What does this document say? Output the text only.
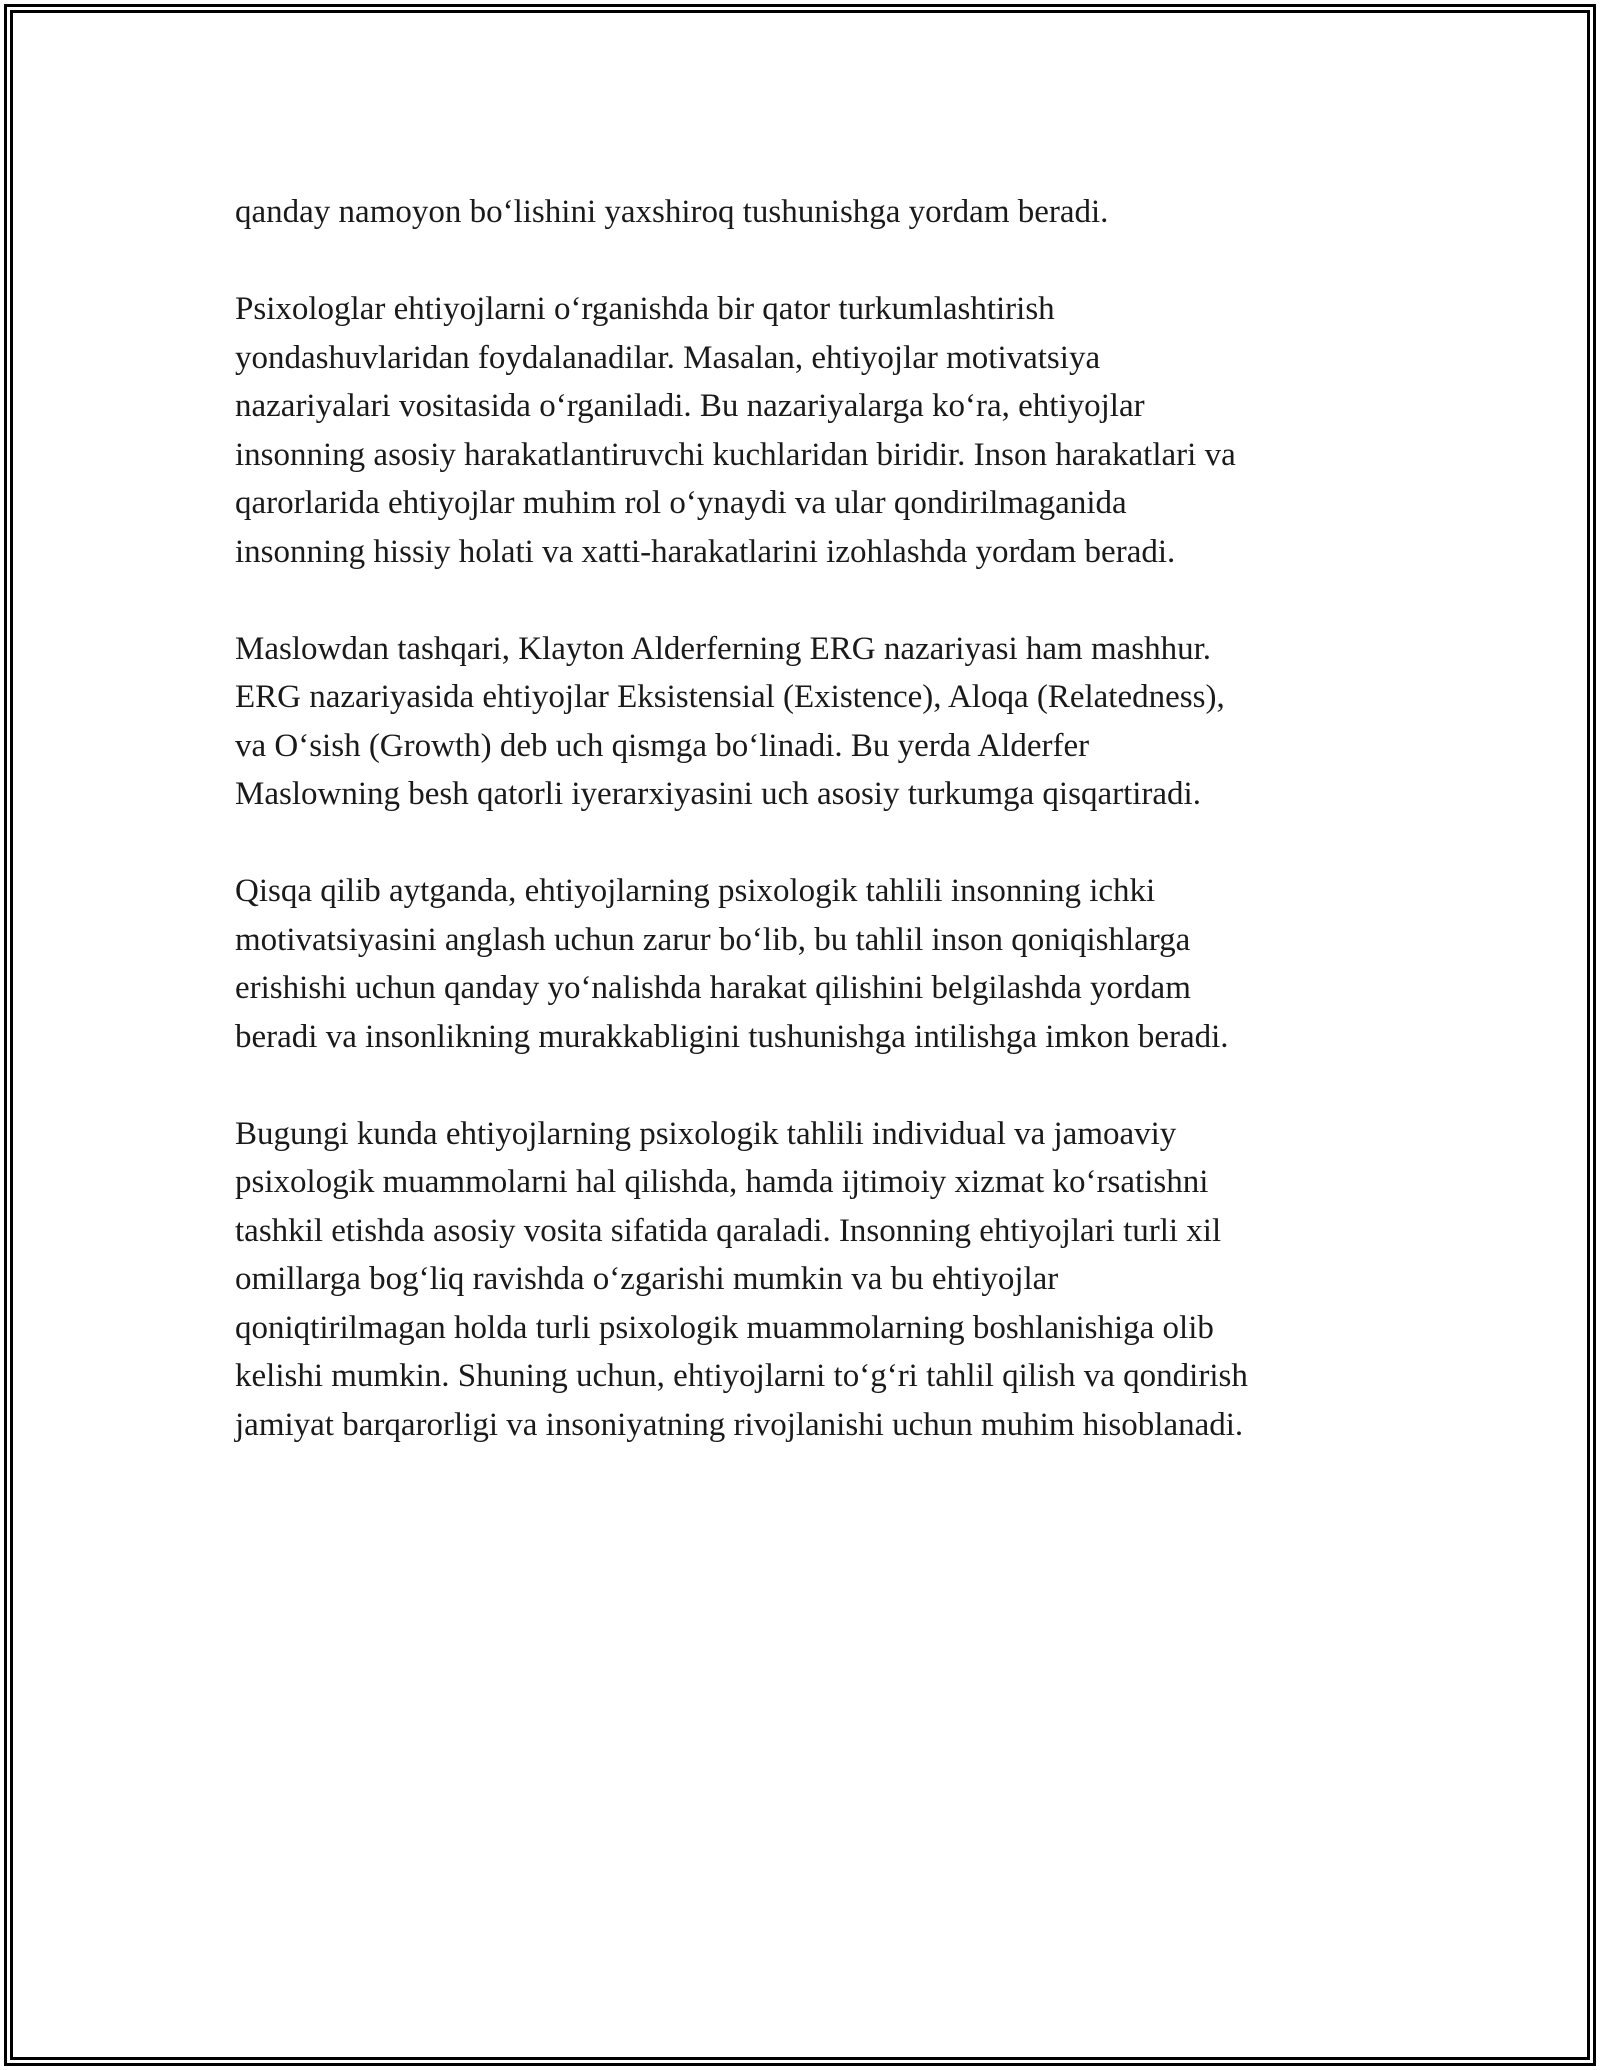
qanday namoyon bo‘lishini yaxshiroq tushunishga yordam beradi.

Psixologlar ehtiyojlarni o‘rganishda bir qator turkumlashtirish
yondashuvlaridan foydalanadilar. Masalan, ehtiyojlar motivatsiya
nazariyalari vositasida o‘rganiladi. Bu nazariyalarga ko‘ra, ehtiyojlar
insonning asosiy harakatlantiruvchi kuchlaridan biridir. Inson harakatlari va
qarorlarida ehtiyojlar muhim rol o‘ynaydi va ular qondirilmaganida
insonning hissiy holati va xatti-harakatlarini izohlashda yordam beradi.

Maslowdan tashqari, Klayton Alderferning ERG nazariyasi ham mashhur.
ERG nazariyasida ehtiyojlar Eksistensial (Existence), Aloqa (Relatedness),
va O‘sish (Growth) deb uch qismga bo‘linadi. Bu yerda Alderfer
Maslowning besh qatorli iyerarxiyasini uch asosiy turkumga qisqartiradi.

Qisqa qilib aytganda, ehtiyojlarning psixologik tahlili insonning ichki
motivatsiyasini anglash uchun zarur bo‘lib, bu tahlil inson qoniqishlarga
erishishi uchun qanday yo‘nalishda harakat qilishini belgilashda yordam
beradi va insonlikning murakkabligini tushunishga intilishga imkon beradi.

Bugungi kunda ehtiyojlarning psixologik tahlili individual va jamoaviy
psixologik muammolarni hal qilishda, hamda ijtimoiy xizmat ko‘rsatishni
tashkil etishda asosiy vosita sifatida qaraladi. Insonning ehtiyojlari turli xil
omillarga bog‘liq ravishda o‘zgarishi mumkin va bu ehtiyojlar
qoniqtirilmagan holda turli psixologik muammolarning boshlanishiga olib
kelishi mumkin. Shuning uchun, ehtiyojlarni to‘g‘ri tahlil qilish va qondirish
jamiyat barqarorligi va insoniyatning rivojlanishi uchun muhim hisoblanadi.
